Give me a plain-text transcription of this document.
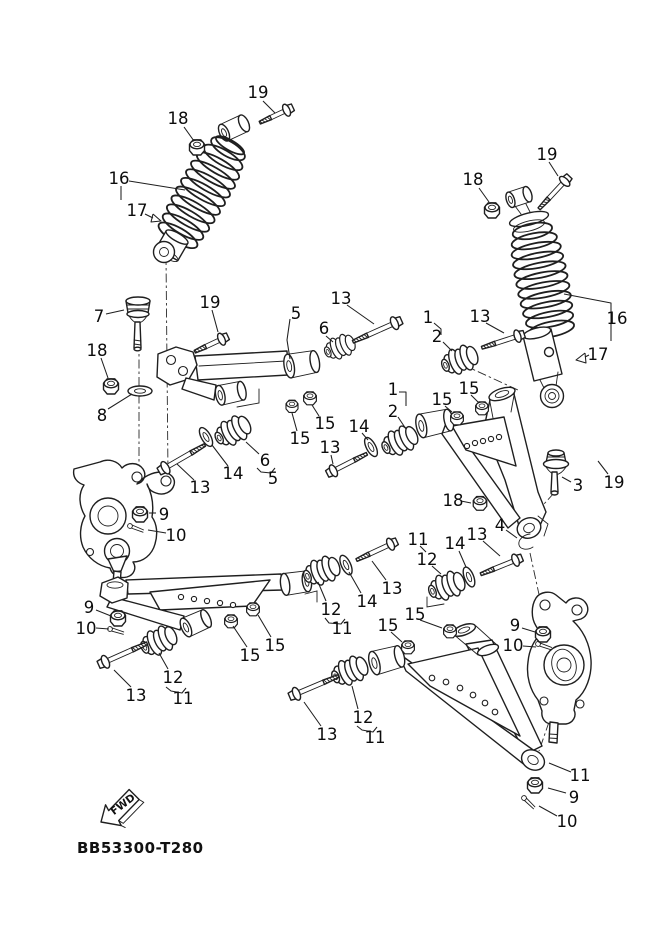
FWD
BB53300-T280
19
18
16
17
19
18
16
17
7
19
18
8
5
6
13
1
2
13
15
15
6
5
14
13
9
10
15
15
9
10
13
12
11
12
11
14
13
11
12
14 13 4
15
15
1
2
14
13
15
15
18
3 19
9
10
11
9
10
13
12
11
